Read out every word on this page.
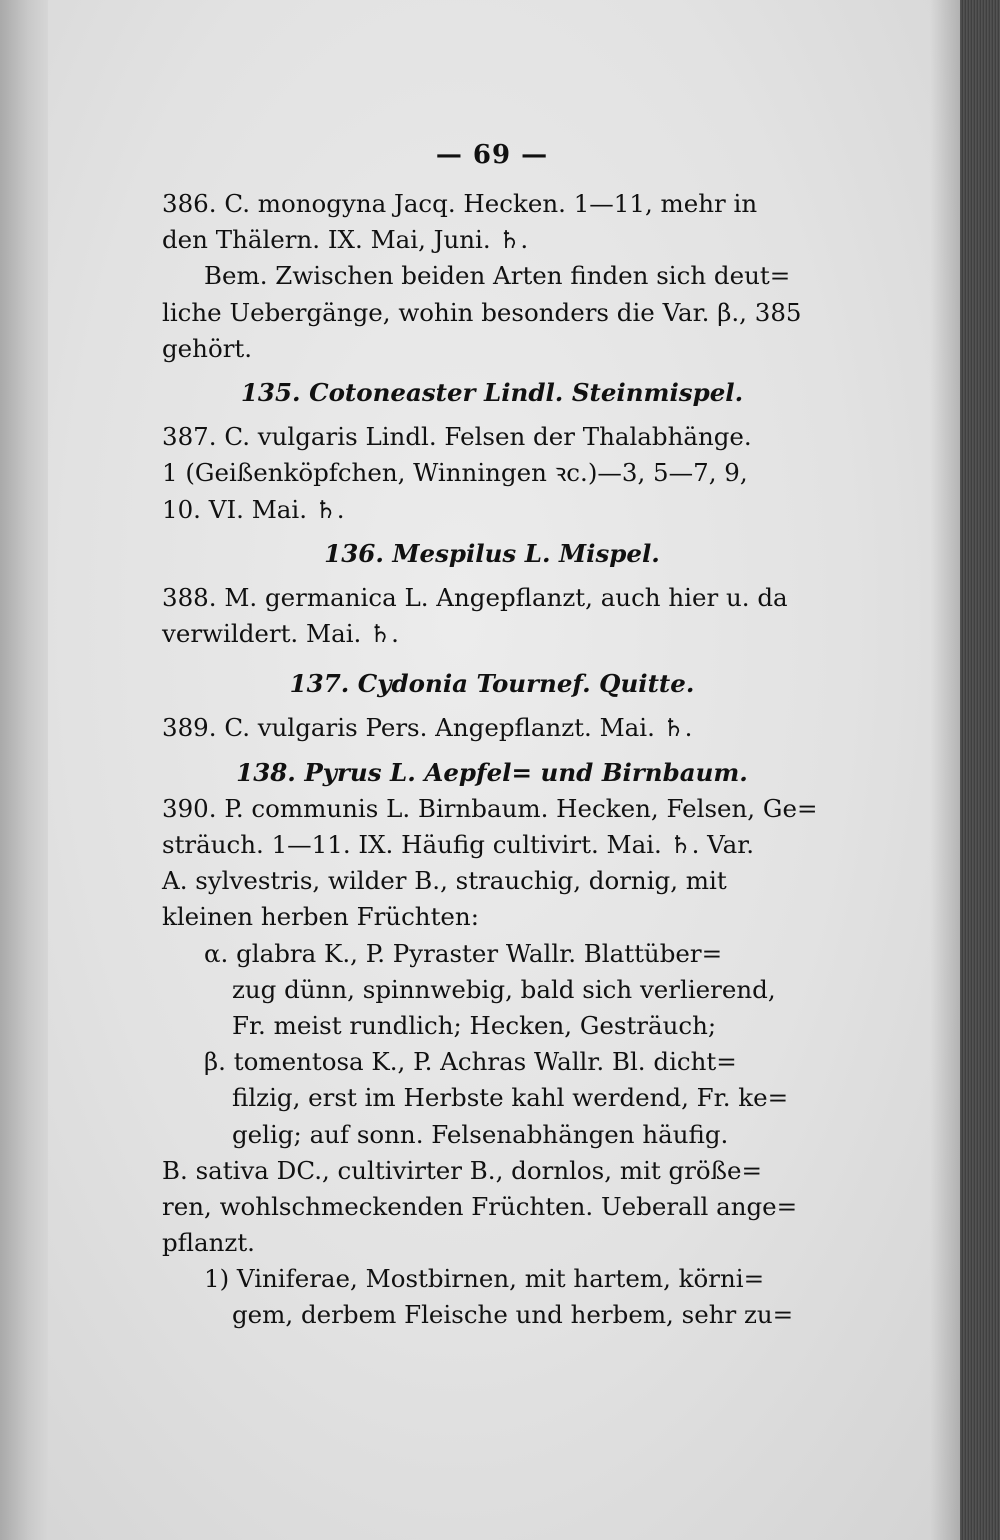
— 69 —
386. C. monogyna Jacq. Hecken. 1—11, mehr in
den Thälern. IX. Mai, Juni. ♄.
Bem. Zwischen beiden Arten finden sich deut=
liche Uebergänge, wohin besonders die Var. β., 385
gehört.
135. Cotoneaster Lindl. Steinmispel.
387. C. vulgaris Lindl. Felsen der Thalabhänge.
1 (Geißenköpfchen, Winningen ꝛc.)—3, 5—7, 9,
10. VI. Mai. ♄.
136. Mespilus L. Mispel.
388. M. germanica L. Angepflanzt, auch hier u. da
verwildert. Mai. ♄.
137. Cydonia Tournef. Quitte.
389. C. vulgaris Pers. Angepflanzt. Mai. ♄.
138. Pyrus L. Aepfel= und Birnbaum.
390. P. communis L. Birnbaum. Hecken, Felsen, Ge=
sträuch. 1—11. IX. Häufig cultivirt. Mai. ♄. Var.
A. sylvestris, wilder B., strauchig, dornig, mit
kleinen herben Früchten:
α. glabra K., P. Pyraster Wallr. Blattüber=
zug dünn, spinnwebig, bald sich verlierend,
Fr. meist rundlich; Hecken, Gesträuch;
β. tomentosa K., P. Achras Wallr. Bl. dicht=
filzig, erst im Herbste kahl werdend, Fr. ke=
gelig; auf sonn. Felsenabhängen häufig.
B. sativa DC., cultivirter B., dornlos, mit größe=
ren, wohlschmeckenden Früchten. Ueberall ange=
pflanzt.
1) Viniferae, Mostbirnen, mit hartem, körni=
gem, derbem Fleische und herbem, sehr zu=
